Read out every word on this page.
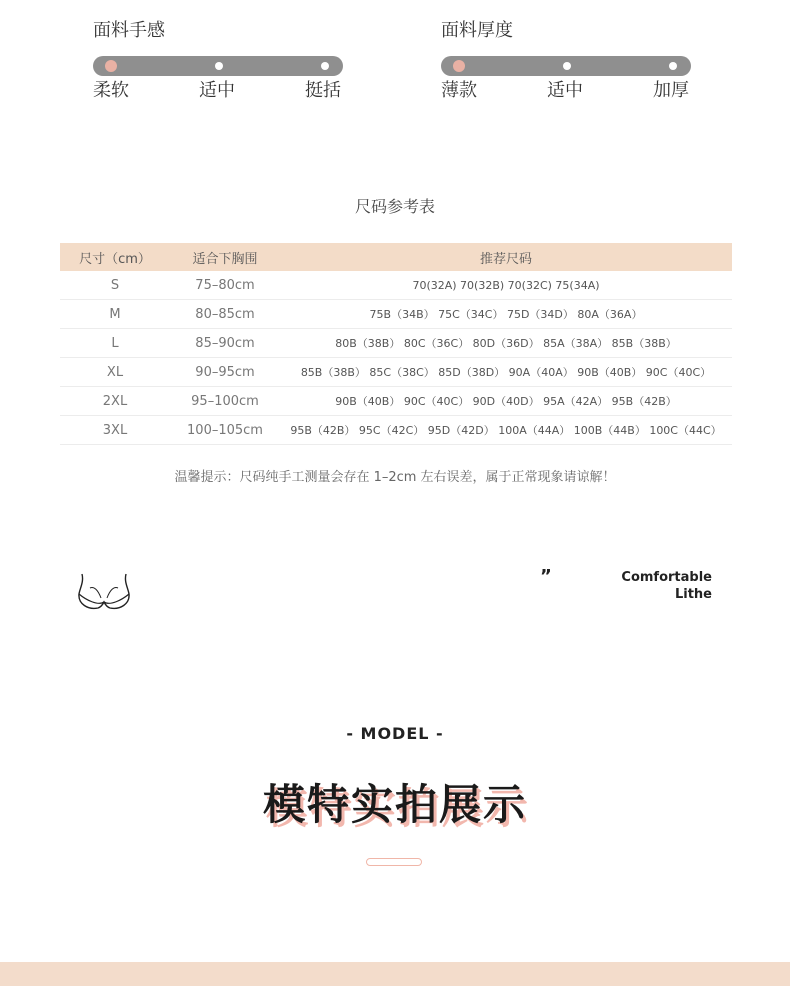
面料手感
柔软	适中	挺括
面料厚度
薄款	适中	加厚
尺码参考表
尺寸（cm）	适合下胸围	推荐尺码
S	75–80cm	70(32A) 70(32B) 70(32C) 75(34A)
M	80–85cm	75B（34B） 75C（34C） 75D（34D） 80A（36A）
L	85–90cm	80B（38B） 80C（36C） 80D（36D） 85A（38A） 85B（38B）
XL	90–95cm	85B（38B） 85C（38C） 85D（38D） 90A（40A） 90B（40B） 90C（40C）
2XL	95–100cm	90B（40B） 90C（40C） 90D（40D） 95A（42A） 95B（42B）
3XL	100–105cm	95B（42B） 95C（42C） 95D（42D） 100A（44A） 100B（44B） 100C（44C）
温馨提示：尺码纯手工测量会存在 1–2cm 左右误差，属于正常现象请谅解！
”	Comfortable
Lithe
- MODEL -
模特实拍展示
